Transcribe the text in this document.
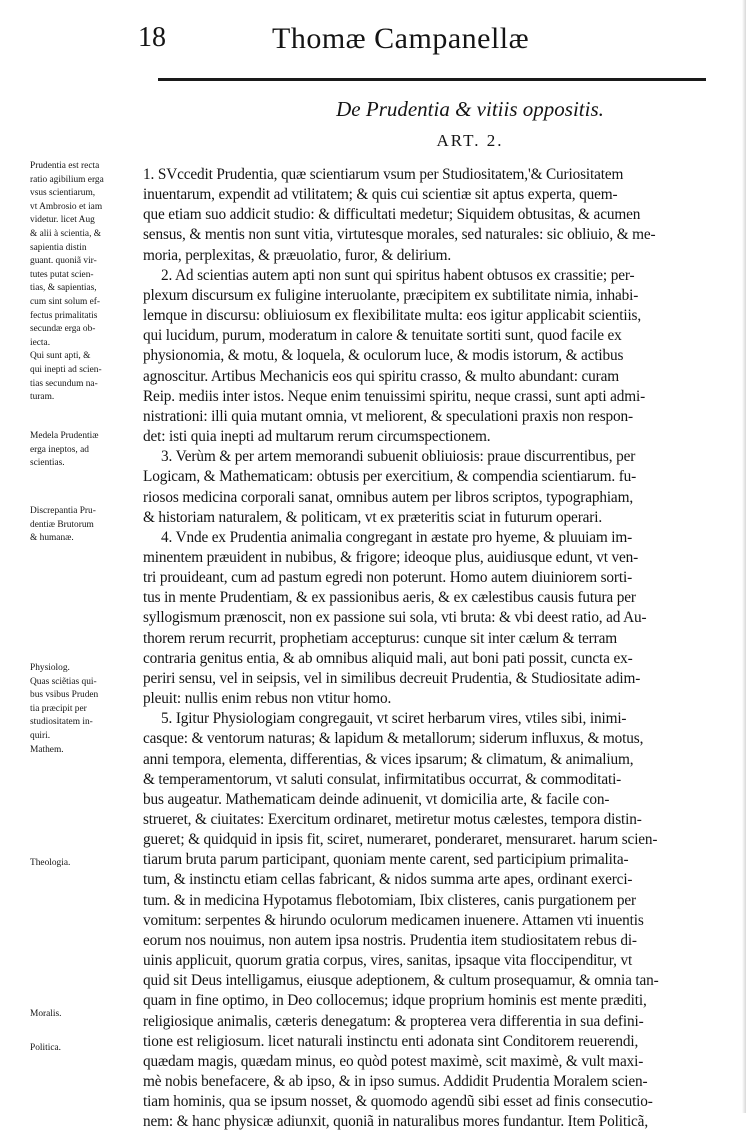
18	Thomæ Campanellæ
De Prudentia & vitiis oppositis.
ART. 2.
Prudentia est recta
ratio agibilium erga
vsus scientiarum,
vt Ambrosio et iam
videtur. licet Aug
& alii à scientia, &
sapientia distin
guant. quoniã vir-
tutes putat scien-
tias, & sapientias,
cum sint solum ef-
fectus primalitatis
secundæ erga ob-
iecta.
Qui sunt apti, &
qui inepti ad scien-
tias secundum na-
turam.
Medela Prudentiæ
erga ineptos, ad
scientias.
Discrepantia Pru-
dentiæ Brutorum
& humanæ.
Physiolog.
Quas sciẽtias qui-
bus vsibus Pruden
tia præcipit per
studiositatem in-
quiri.
Mathem.
Theologia.
Moralis.
Politica.
1. SVccedit Prudentia, quæ scientiarum vsum per Studiositatem,'& Curiositatem
inuentarum, expendit ad vtilitatem; & quis cui scientiæ sit aptus experta, quem-
que etiam suo addicit studio: & difficultati medetur; Siquidem obtusitas, & acumen
sensus, & mentis non sunt vitia, virtutesque morales, sed naturales: sic obliuio, & me-
moria, perplexitas, & præuolatio, furor, & delirium.
2. Ad scientias autem apti non sunt qui spiritus habent obtusos ex crassitie; per-
plexum discursum ex fuligine interuolante, præcipitem ex subtilitate nimia, inhabi-
lemque in discursu: obliuiosum ex flexibilitate multa: eos igitur applicabit scientiis,
qui lucidum, purum, moderatum in calore & tenuitate sortiti sunt, quod facile ex
physionomia, & motu, & loquela, & oculorum luce, & modis istorum, & actibus
agnoscitur. Artibus Mechanicis eos qui spiritu crasso, & multo abundant: curam
Reip. mediis inter istos. Neque enim tenuissimi spiritu, neque crassi, sunt apti admi-
nistrationi: illi quia mutant omnia, vt meliorent, & speculationi praxis non respon-
det: isti quia inepti ad multarum rerum circumspectionem.
3. Verùm & per artem memorandi subuenit obliuiosis: praue discurrentibus, per
Logicam, & Mathematicam: obtusis per exercitium, & compendia scientiarum. fu-
riosos medicina corporali sanat, omnibus autem per libros scriptos, typographiam,
& historiam naturalem, & politicam, vt ex præteritis sciat in futurum operari.
4. Vnde ex Prudentia animalia congregant in æstate pro hyeme, & pluuiam im-
minentem præuident in nubibus, & frigore; ideoque plus, auidiusque edunt, vt ven-
tri prouideant, cum ad pastum egredi non poterunt. Homo autem diuiniorem sorti-
tus in mente Prudentiam, & ex passionibus aeris, & ex cælestibus causis futura per
syllogismum prænoscit, non ex passione sui sola, vti bruta: & vbi deest ratio, ad Au-
thorem rerum recurrit, prophetiam accepturus: cunque sit inter cælum & terram
contraria genitus entia, & ab omnibus aliquid mali, aut boni pati possit, cuncta ex-
periri sensu, vel in seipsis, vel in similibus decreuit Prudentia, & Studiositate adim-
pleuit: nullis enim rebus non vtitur homo.
5. Igitur Physiologiam congregauit, vt sciret herbarum vires, vtiles sibi, inimi-
casque: & ventorum naturas; & lapidum & metallorum; siderum influxus, & motus,
anni tempora, elementa, differentias, & vices ipsarum; & climatum, & animalium,
& temperamentorum, vt saluti consulat, infirmitatibus occurrat, & commoditati-
bus augeatur. Mathematicam deinde adinuenit, vt domicilia arte, & facile con-
strueret, & ciuitates: Exercitum ordinaret, metiretur motus cælestes, tempora distin-
gueret; & quidquid in ipsis fit, sciret, numeraret, ponderaret, mensuraret. harum scien-
tiarum bruta parum participant, quoniam mente carent, sed participium primalita-
tum, & instinctu etiam cellas fabricant, & nidos summa arte apes, ordinant exerci-
tum. & in medicina Hypotamus flebotomiam, Ibix clisteres, canis purgationem per
vomitum: serpentes & hirundo oculorum medicamen inuenere. Attamen vti inuentis
eorum nos nouimus, non autem ipsa nostris. Prudentia item studiositatem rebus di-
uinis applicuit, quorum gratia corpus, vires, sanitas, ipsaque vita floccipenditur, vt
quid sit Deus intelligamus, eiusque adeptionem, & cultum prosequamur, & omnia tan-
quam in fine optimo, in Deo collocemus; idque proprium hominis est mente præditi,
religiosique animalis, cæteris denegatum: & propterea vera differentia in sua defini-
tione est religiosum. licet naturali instinctu enti adonata sint Conditorem reuerendi,
quædam magis, quædam minus, eo quòd potest maximè, scit maximè, & vult maxi-
mè nobis benefacere, & ab ipso, & in ipso sumus. Addidit Prudentia Moralem scien-
tiam hominis, qua se ipsum nosset, & quomodo agendũ sibi esset ad finis consecutio-
nem: & hanc physicæ adiunxit, quoniã in naturalibus mores fundantur. Item Politicã,
